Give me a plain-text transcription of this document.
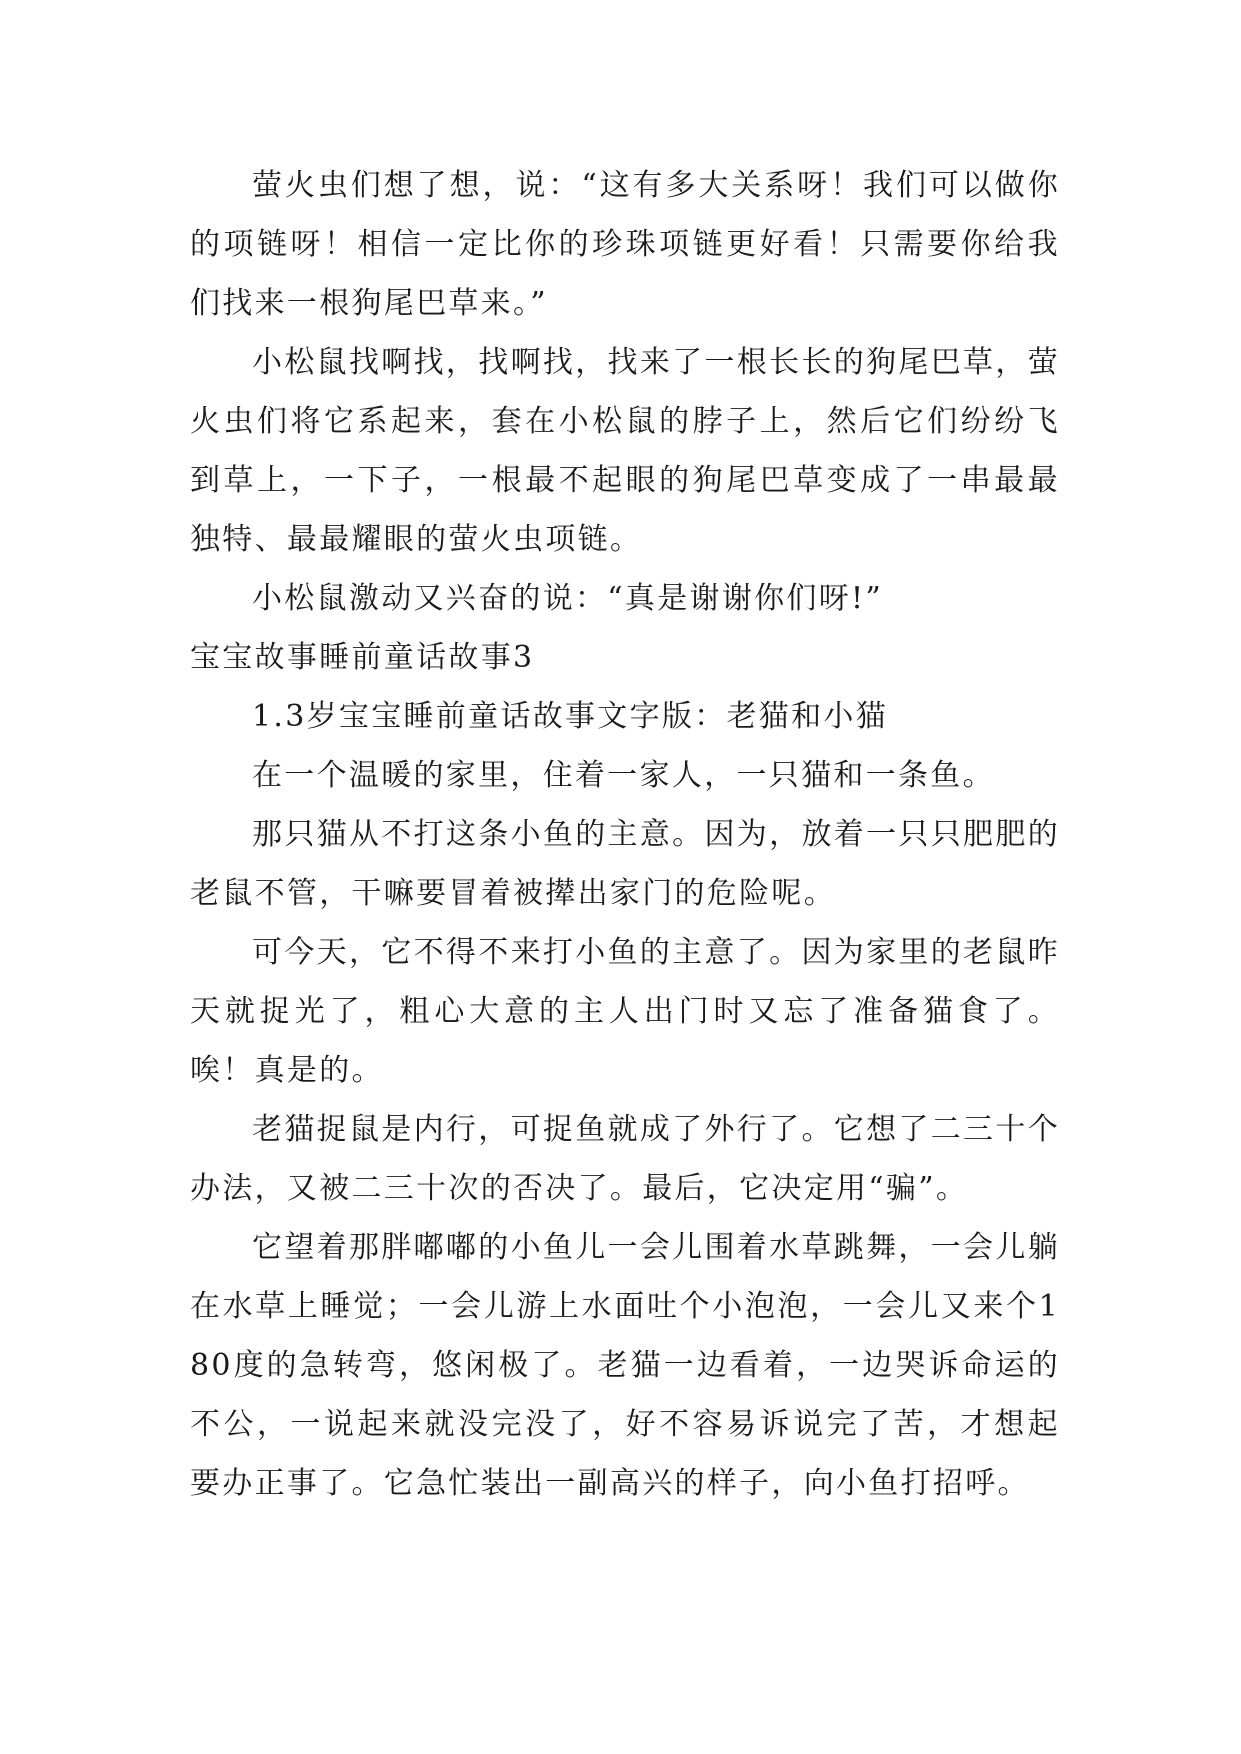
萤火虫们想了想，说：“这有多大关系呀！我们可以做你的项链呀！相信一定比你的珍珠项链更好看！只需要你给我们找来一根狗尾巴草来。”

小松鼠找啊找，找啊找，找来了一根长长的狗尾巴草，萤火虫们将它系起来，套在小松鼠的脖子上，然后它们纷纷飞到草上，一下子，一根最不起眼的狗尾巴草变成了一串最最独特、最最耀眼的萤火虫项链。

小松鼠激动又兴奋的说：“真是谢谢你们呀!”

宝宝故事睡前童话故事3

1.3岁宝宝睡前童话故事文字版：老猫和小猫

在一个温暖的家里，住着一家人，一只猫和一条鱼。

那只猫从不打这条小鱼的主意。因为，放着一只只肥肥的老鼠不管，干嘛要冒着被撵出家门的危险呢。

可今天，它不得不来打小鱼的主意了。因为家里的老鼠昨天就捉光了，粗心大意的主人出门时又忘了准备猫食了。唉！真是的。

老猫捉鼠是内行，可捉鱼就成了外行了。它想了二三十个办法，又被二三十次的否决了。最后，它决定用“骗”。

它望着那胖嘟嘟的小鱼儿一会儿围着水草跳舞，一会儿躺在水草上睡觉；一会儿游上水面吐个小泡泡，一会儿又来个180度的急转弯，悠闲极了。老猫一边看着，一边哭诉命运的不公，一说起来就没完没了，好不容易诉说完了苦，才想起要办正事了。它急忙装出一副高兴的样子，向小鱼打招呼。
